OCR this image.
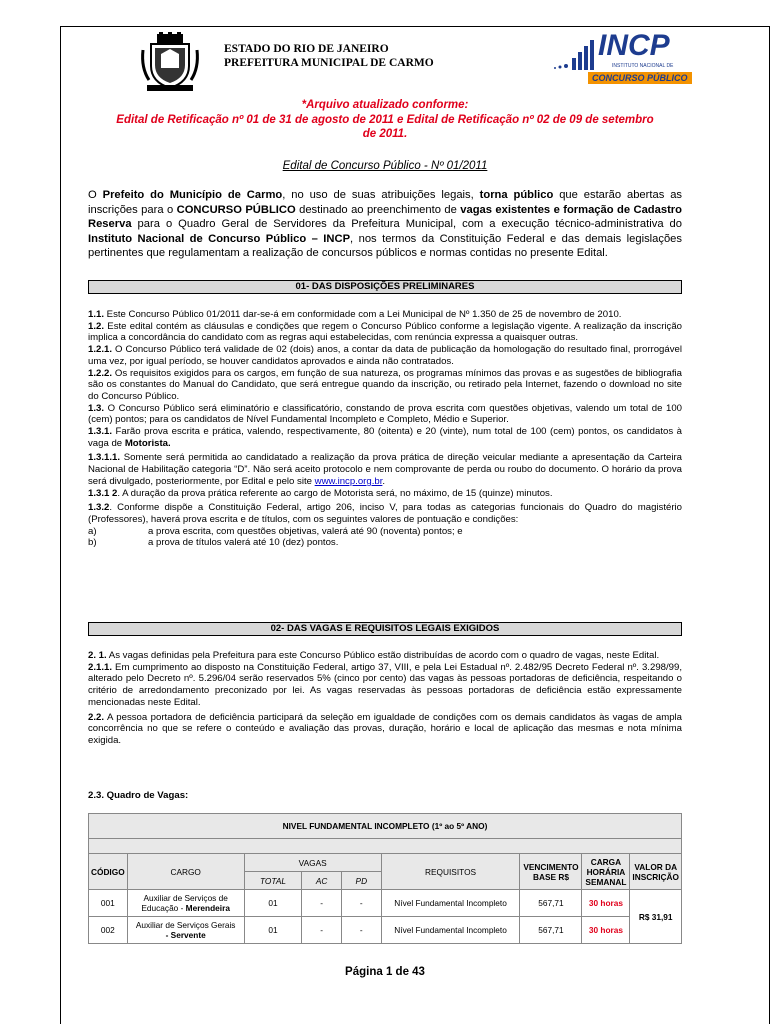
ESTADO DO RIO DE JANEIRO
PREFEITURA MUNICIPAL DE CARMO
INCP
INSTITUTO NACIONAL DE
CONCURSO PÚBLICO
*Arquivo atualizado conforme:
Edital de Retificação nº 01 de 31 de agosto de 2011 e Edital de Retificação nº 02 de 09 de setembro
de 2011.
Edital de Concurso Público - Nº 01/2011
O Prefeito do Município de Carmo, no uso de suas atribuições legais, torna público que estarão abertas as inscrições para o CONCURSO PÚBLICO destinado ao preenchimento de vagas existentes e formação de Cadastro Reserva para o Quadro Geral de Servidores da Prefeitura Municipal, com a execução técnico-administrativa do Instituto Nacional de Concurso Público – INCP, nos termos da Constituição Federal e das demais legislações pertinentes que regulamentam a realização de concursos públicos e normas contidas no presente Edital.
01- DAS DISPOSIÇÕES PRELIMINARES

1.1. Este Concurso Público 01/2011 dar-se-á em conformidade com a Lei Municipal de Nº 1.350 de 25 de novembro de 2010.

1.2. Este edital contém as cláusulas e condições que regem o Concurso Público conforme a legislação vigente. A realização da inscrição implica a concordância do candidato com as regras aqui estabelecidas, com renúncia expressa a quaisquer outras.

1.2.1. O Concurso Público terá validade de 02 (dois) anos, a contar da data de publicação da homologação do resultado final, prorrogável uma vez, por igual período, se houver candidatos aprovados e ainda não contratados.

1.2.2. Os requisitos exigidos para os cargos, em função de sua natureza, os programas mínimos das provas e as sugestões de bibliografia são os constantes do Manual do Candidato, que será entregue quando da inscrição, ou retirado pela Internet, fazendo o download no site do Concurso Público.

1.3. O Concurso Público será eliminatório e classificatório, constando de prova escrita com questões objetivas, valendo um total de 100 (cem) pontos; para os candidatos de Nível Fundamental Incompleto e Completo, Médio e Superior.

1.3.1. Farão prova escrita e prática, valendo, respectivamente, 80 (oitenta) e 20 (vinte), num total de 100 (cem) pontos, os candidatos à vaga de Motorista.

1.3.1.1. Somente será permitida ao candidatado a realização da prova prática de direção veicular mediante a apresentação da Carteira Nacional de Habilitação categoria “D”. Não será aceito protocolo e nem comprovante de perda ou roubo do documento. O horário da prova será divulgado, posteriormente, por Edital e pelo site www.incp.org.br.

1.3.1 2. A duração da prova prática referente ao cargo de Motorista será, no máximo, de 15 (quinze) minutos.

1.3.2. Conforme dispõe a Constituição Federal, artigo 206, inciso V, para todas as categorias funcionais do Quadro do magistério (Professores), haverá prova escrita e de títulos, com os seguintes valores de pontuação e condições:

a)	a prova escrita, com questões objetivas, valerá até 90 (noventa) pontos; e
b)	a prova de títulos valerá até 10 (dez) pontos.
02- DAS VAGAS E REQUISITOS LEGAIS EXIGIDOS

2. 1. As vagas definidas pela Prefeitura para este Concurso Público estão distribuídas de acordo com o quadro de vagas, neste Edital.

2.1.1. Em cumprimento ao disposto na Constituição Federal, artigo 37, VIII, e pela Lei Estadual nº. 2.482/95 Decreto Federal nº. 3.298/99, alterado pelo Decreto nº. 5.296/04 serão reservados 5% (cinco por cento) das vagas às pessoas portadoras de deficiência, respeitando o critério de arredondamento preconizado por lei. As vagas reservadas às pessoas portadoras de deficiência estão expressamente mencionadas neste Edital.

2.2. A pessoa portadora de deficiência participará da seleção em igualdade de condições com os demais candidatos às vagas de ampla concorrência no que se refere o conteúdo e avaliação das provas, duração, horário e local de aplicação das mesmas e nota mínima exigida.

2.3. Quadro de Vagas:
NIVEL FUNDAMENTAL INCOMPLETO (1º ao 5º ANO)								

CÓDIGO	CARGO	VAGAS			REQUISITOS	VENCIMENTO BASE R$	CARGA HORÁRIA SEMANAL	VALOR DA INSCRIÇÃO
		TOTAL	AC	PD				
001	Auxiliar de Serviços de Educação - Merendeira	01	-	-	Nível Fundamental Incompleto	567,71	30 horas	R$ 31,91
002	Auxiliar de Serviços Gerais
- Servente	01	-	-	Nível Fundamental Incompleto	567,71	30 horas	
Página 1 de 43
